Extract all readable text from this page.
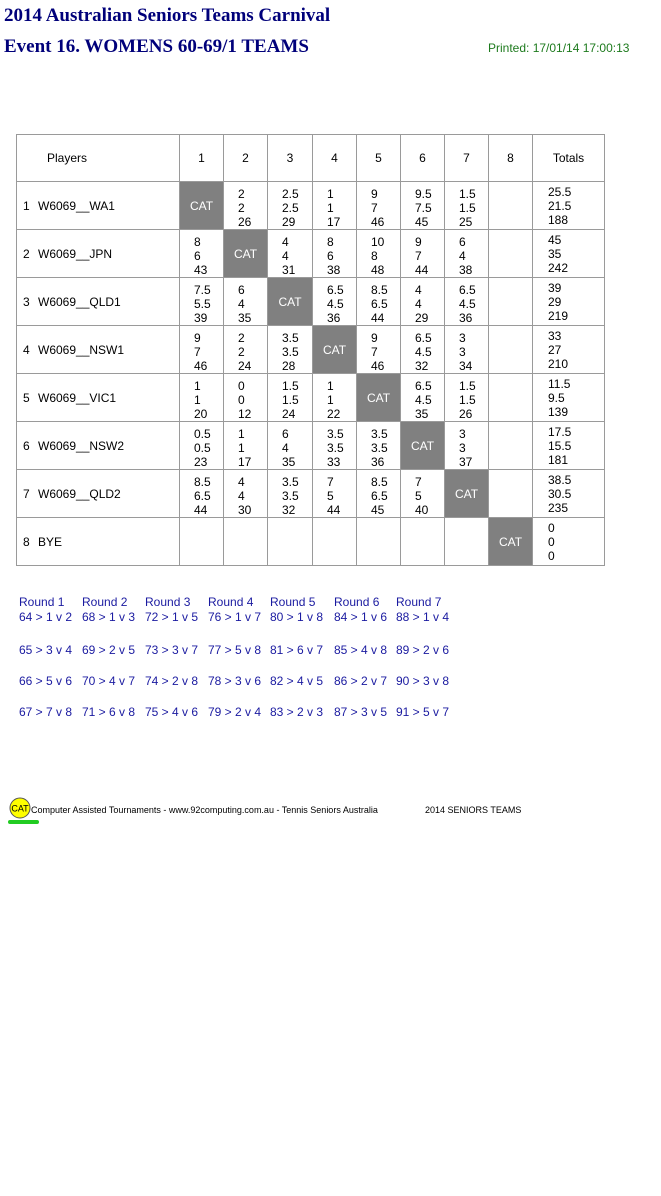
2014 Australian Seniors Teams Carnival
Event 16. WOMENS 60-69/1 TEAMS	Printed: 17/01/14 17:00:13
Players	1	2	3	4	5	6	7	8	Totals
1 W6069__WA1	CAT	2
2
26	2.5
2.5
29	1
1
17	9
7
46	9.5
7.5
45	1.5
1.5
25		25.5
21.5
188

2 W6069__JPN	8
6
43	CAT	4
4
31	8
6
38	10
8
48	9
7
44	6
4
38		45
35
242

3 W6069__QLD1	7.5
5.5
39	6
4
35	CAT	6.5
4.5
36	8.5
6.5
44	4
4
29	6.5
4.5
36		39
29
219

4 W6069__NSW1	9
7
46	2
2
24	3.5
3.5
28	CAT	9
7
46	6.5
4.5
32	3
3
34		33
27
210

5 W6069__VIC1	1
1
20	0
0
12	1.5
1.5
24	1
1
22	CAT	6.5
4.5
35	1.5
1.5
26		11.5
9.5
139

6 W6069__NSW2	0.5
0.5
23	1
1
17	6
4
35	3.5
3.5
33	3.5
3.5
36	CAT	3
3
37		17.5
15.5
181

7 W6069__QLD2	8.5
6.5
44	4
4
30	3.5
3.5
32	7
5
44	8.5
6.5
45	7
5
40	CAT		38.5
30.5
235

8 BYE								CAT	0
0
0
Round 1 Round 2 Round 3 Round 4 Round 5 Round 6 Round 7
64 > 1 v 2 68 > 1 v 3 72 > 1 v 5 76 > 1 v 7 80 > 1 v 8 84 > 1 v 6 88 > 1 v 4
65 > 3 v 4 69 > 2 v 5 73 > 3 v 7 77 > 5 v 8 81 > 6 v 7 85 > 4 v 8 89 > 2 v 6
66 > 5 v 6 70 > 4 v 7 74 > 2 v 8 78 > 3 v 6 82 > 4 v 5 86 > 2 v 7 90 > 3 v 8
67 > 7 v 8 71 > 6 v 8 75 > 4 v 6 79 > 2 v 4 83 > 2 v 3 87 > 3 v 5 91 > 5 v 7
CAT Computer Assisted Tournaments - www.92computing.com.au - Tennis Seniors Australia	2014 SENIORS TEAMS
